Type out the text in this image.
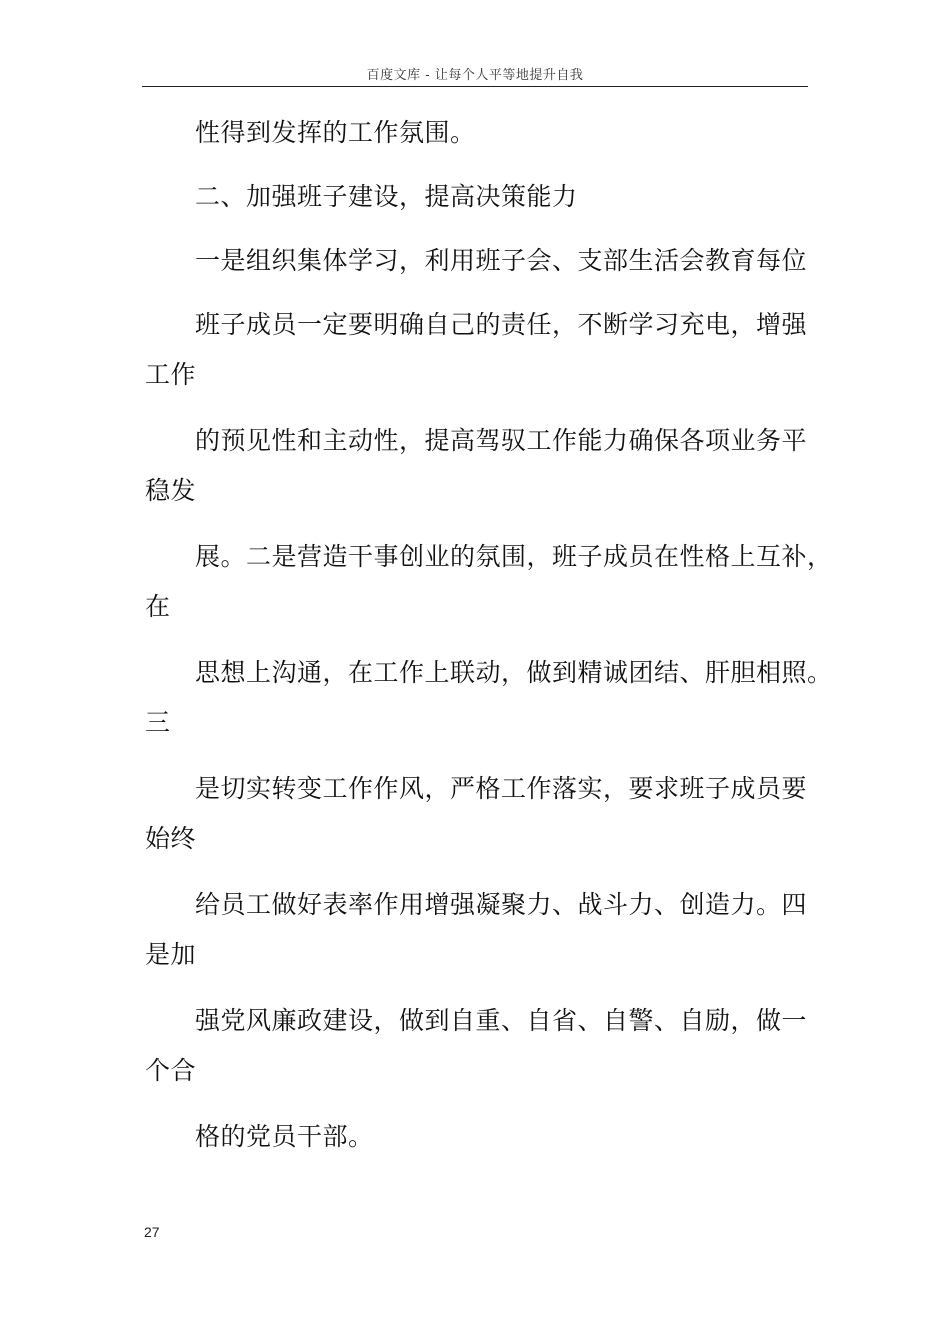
百度文库 - 让每个人平等地提升自我
性得到发挥的工作氛围。
二、加强班子建设，提高决策能力
一是组织集体学习，利用班子会、支部生活会教育每位
班子成员一定要明确自己的责任，不断学习充电，增强
工作
的预见性和主动性，提高驾驭工作能力确保各项业务平
稳发
展。二是营造干事创业的氛围，班子成员在性格上互补，
在
思想上沟通，在工作上联动，做到精诚团结、肝胆相照。
三
是切实转变工作作风，严格工作落实，要求班子成员要
始终
给员工做好表率作用增强凝聚力、战斗力、创造力。四
是加
强党风廉政建设，做到自重、自省、自警、自励，做一
个合
格的党员干部。
27
